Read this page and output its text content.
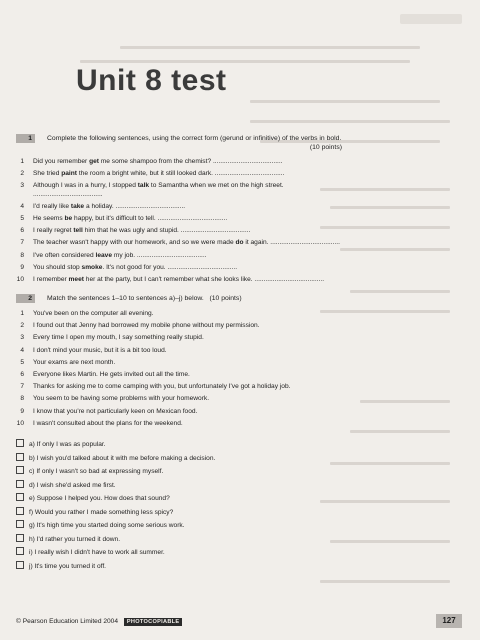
Unit 8 test
1 Complete the following sentences, using the correct form (gerund or infinitive) of the verbs in bold.
(10 points)
1 Did you remember get me some shampoo from the chemist? ......................................
2 She tried paint the room a bright white, but it still looked dark. ......................................
3 Although I was in a hurry, I stopped talk to Samantha when we met on the high street. ......................................
4 I'd really like take a holiday. ......................................
5 He seems be happy, but it's difficult to tell. ......................................
6 I really regret tell him that he was ugly and stupid. ......................................
7 The teacher wasn't happy with our homework, and so we were made do it again. ......................................
8 I've often considered leave my job. ......................................
9 You should stop smoke. It's not good for you. ......................................
10 I remember meet her at the party, but I can't remember what she looks like. ......................................
2 Match the sentences 1–10 to sentences a)–j) below. (10 points)
1 You've been on the computer all evening.
2 I found out that Jenny had borrowed my mobile phone without my permission.
3 Every time I open my mouth, I say something really stupid.
4 I don't mind your music, but it is a bit too loud.
5 Your exams are next month.
6 Everyone likes Martin. He gets invited out all the time.
7 Thanks for asking me to come camping with you, but unfortunately I've got a holiday job.
8 You seem to be having some problems with your homework.
9 I know that you're not particularly keen on Mexican food.
10 I wasn't consulted about the plans for the weekend.
a) If only I was as popular.
b) I wish you'd talked about it with me before making a decision.
c) If only I wasn't so bad at expressing myself.
d) I wish she'd asked me first.
e) Suppose I helped you. How does that sound?
f) Would you rather I made something less spicy?
g) It's high time you started doing some serious work.
h) I'd rather you turned it down.
i) I really wish I didn't have to work all summer.
j) It's time you turned it off.
© Pearson Education Limited 2004 PHOTOCOPIABLE	127
